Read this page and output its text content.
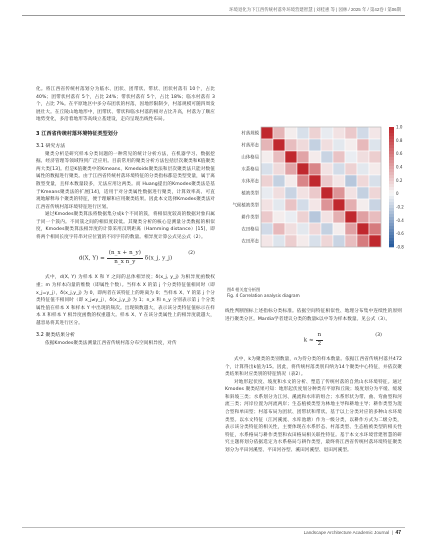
环境退化为下江西传统村落外环境营建智慧 | 刘桂惠 等 | 园林 / 2025 年 / 第42卷 / 第06期

化。将江西省传统村落划分为临水、团状、团带状、带状、团状村落有 10个，占比 40%；团带状村落有 5个，占比 24%；带状村落有 5个，占比 18%；临水村落有 3个，占比 7%。在平原地区中多分布团状的村落，因地形限制少，村落规模可随四周发展壮大。在丘陵山地地形中，团带状、带状和临水村落的相对占比升高，村落为了顺应地势变化，多沿着地形等高线立基建设，走向呈现出线性布局。

3 江西省传统村落环境特征类型划分

3.1 研究方法

聚类分析是研究样本分类问题的一种常见的统计分析方法，在机器学习、数据挖掘、经济管理等领域得到广泛应用。目前常用的聚类分析方法包括层次聚类和K值聚类两大类[13]。但是K值聚类中的Kmeans、Kmedoids聚类法和层次聚类法只能对数值属性的数据进行聚类。由于江西省传统村落环境特征的分类指标都是类型变量，属于离散型变量，且样本数量较多，无法应用这两类。而 Huang提出的Kmodes聚类法是基于Kmeans聚类法的扩展[14]，适用于对分类属性数据进行聚类，计算效率高、可直观地解释每个聚类的特征，便于理解和应用聚类结果。因此本文选择Kmodes聚类法对江西省传统村落环境特征进行区划。

通过Kmodes聚类算法将数据集分成k个不同的簇，将相似度较高的数据对象归属于同一个簇内。不同簇之间的相似度较低。其聚类分析的核心是测量分类数据的相似度，Kmodes聚类算法相异度的计算采用汉明距离（Hamming distance）[15]，即将两个相同长度字符串对应位置的不同字符的数量。相异度计算公式见公式（2）。

d(X, $Y) = \frac{(n\_x + n\_y)}{\text{n\_x n\_y}}$ δ(x_j, y_j)
(2)

式中，d(X, Y) 为样本 X 和 Y 之间的总体相异度；δ(x_j, y_j) 为相异度函数权重；m 为样本向量的维数（即属性个数）。当样本 X 的第 j 个分类特征值相同时（即 x_j=y_j），δ(x_j,y_j) 为 0，即两者在该特征上的距离为 0；当样本 X、Y 的第 j 个分类特征值不相同时（即 x_j≠y_j），δ(x_j,y_j) 为 1；n_x 和 n_y 分别表示第 j 个分类属性值在样本 X 和样本 Y 中出现的频次。出现频数越大，表示该分类特征值标示在样本 X 和样本 Y 相异度函数的权重越大。样本 X、Y 在该分类属性上的相异度就越大，越容易将其进行区分。

3.2 聚类结果分析

依据Kmodes聚类法测量江西省传统村落分布空间相异度，对传

村落规模
村落形态
山体格局
水系格局
水体形态
植被类型
气候植被类型
耕作类型
农田格局
农田形态
1.0
0.8
0.6
0.4
0.2
0
-0.2
-0.4
-0.6
-0.8
图4 相关度分析图
Fig. 4 Correlation analysis diagram

线性判断图标上述指标分类标准。依据空间特征相似性、地理分布集中连续性的原则进行聚类分区。Mardia学者建议分类的数量k以中等为样本数量。见公式（3）。

$k \approx \frac{n}{2}$	(3)

式中，k为聚类的类别数量，n为待分类的样本数量。依据江西省传统村落共472个，计算得出k值为15。因此，将传统村落类别归纳为14个聚类中心特征，并依次聚类结果和对应类别的特征情况（表2）。

对地形起伏度、坡度和水文的分析、塑造了传统村落的自然山水环境特征。通过 Kmodes 聚类结果可知：地形起伏度划分种类有平原和丘陵；坡度划分为平缓、缓坡和斜坡三类；水系划分为江河、溪流和水库的组合；水系形状为带、曲、弯曲型和河流三类；河岸位置为河流两岸；生态植被类型为林地主导和耕地主导；耕作类型为混合型和单田型；村落布局为团状、团带状和带状。基于以上分类对应的多种山水环境类型。以水文特征（江河溪流、水库池塘）作为一级分类，以耕作方式为二级分类，表示该分类特征的相关性，主要体现在水系形态、村落类型、生态植被类型的相关性特征，水系格局与耕作类型和农田格局相关联性特征。基于本文水环境营建智慧的研究主题将划分依据选定为水系格局与耕作类型，最终将江西省传统村落环境特征聚类划分为平田河溪型、平田河谷型、溪田河溪型、退田河溪型。

Landscape Architecture Academic Journal  |  47
